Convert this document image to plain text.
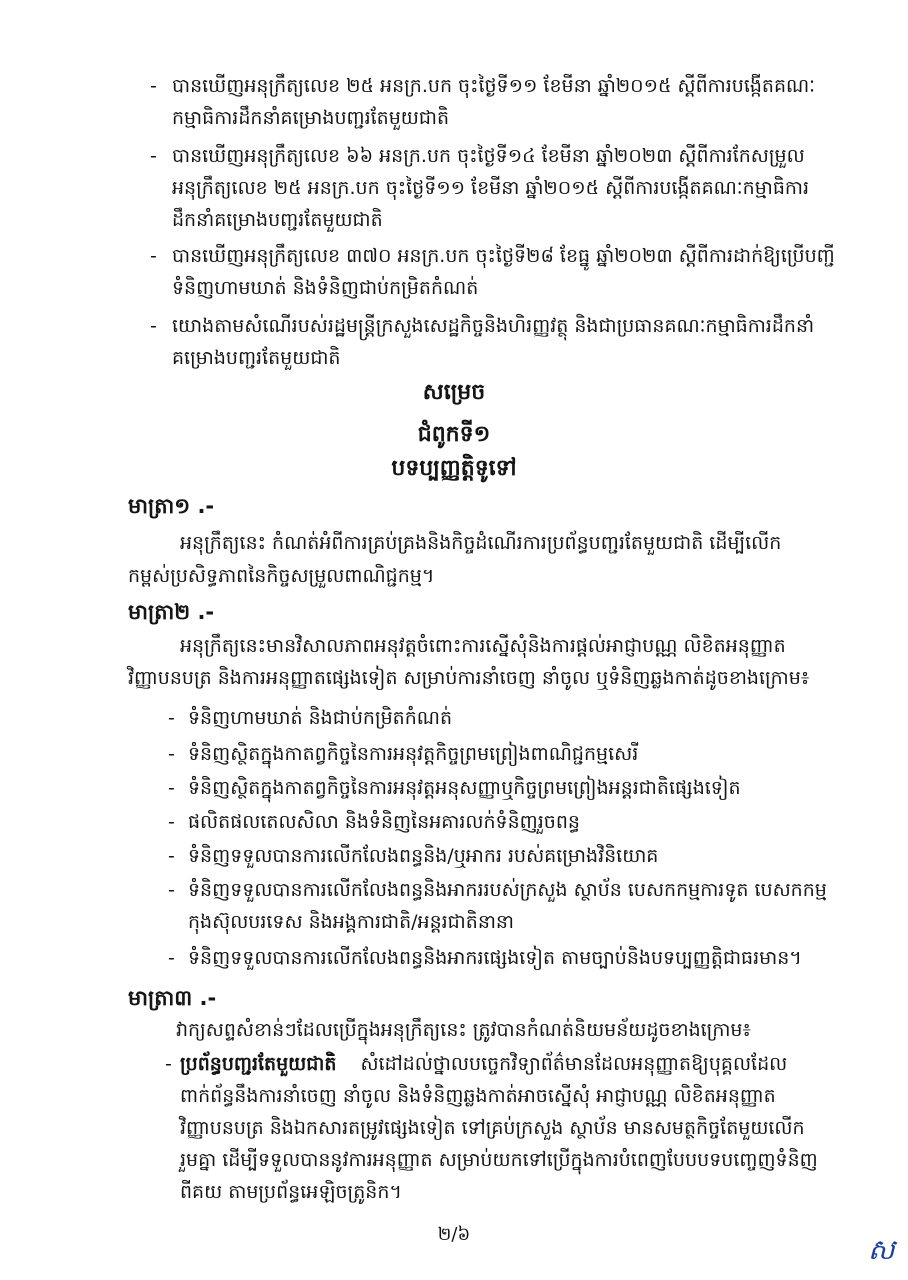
- បានឃើញអនុក្រឹត្យលេខ ២៥ អនក្រ.បក ចុះថ្ងៃទី១១ ខែមីនា ឆ្នាំ២០១៥ ស្តីពីការបង្កើតគណៈ
កម្មាធិការដឹកនាំគម្រោងបញ្ជរតែមួយជាតិ
- បានឃើញអនុក្រឹត្យលេខ ៦៦ អនក្រ.បក ចុះថ្ងៃទី១៤ ខែមីនា ឆ្នាំ២០២៣ ស្តីពីការកែសម្រួល
អនុក្រឹត្យលេខ ២៥ អនក្រ.បក ចុះថ្ងៃទី១១ ខែមីនា ឆ្នាំ២០១៥ ស្តីពីការបង្កើតគណៈកម្មាធិការ
ដឹកនាំគម្រោងបញ្ជរតែមួយជាតិ
- បានឃើញអនុក្រឹត្យលេខ ៣៧០ អនក្រ.បក ចុះថ្ងៃទី២៨ ខែធ្នូ ឆ្នាំ២០២៣ ស្តីពីការដាក់ឱ្យប្រើបញ្ជី
ទំនិញហាមឃាត់ និងទំនិញជាប់កម្រិតកំណត់
- យោងតាមសំណើរបស់រដ្ឋមន្ត្រីក្រសួងសេដ្ឋកិច្ចនិងហិរញ្ញវត្ថុ និងជាប្រធានគណៈកម្មាធិការដឹកនាំ
គម្រោងបញ្ជរតែមួយជាតិ
សម្រេច
ជំពូកទី១
បទប្បញ្ញត្តិទូទៅ
មាត្រា១ .-
អនុក្រឹត្យនេះ កំណត់អំពីការគ្រប់គ្រងនិងកិច្ចដំណើរការប្រព័ន្ធបញ្ជរតែមួយជាតិ ដើម្បីលើក
កម្ពស់ប្រសិទ្ធភាពនៃកិច្ចសម្រួលពាណិជ្ជកម្ម។
មាត្រា២ .-
អនុក្រឹត្យនេះមានវិសាលភាពអនុវត្តចំពោះការស្នើសុំនិងការផ្តល់អាជ្ញាបណ្ណ លិខិតអនុញ្ញាត
វិញ្ញាបនបត្រ និងការអនុញ្ញាតផ្សេងទៀត សម្រាប់ការនាំចេញ នាំចូល ឬទំនិញឆ្លងកាត់ដូចខាងក្រោម៖
- ទំនិញហាមឃាត់ និងជាប់កម្រិតកំណត់
- ទំនិញស្ថិតក្នុងកាតព្វកិច្ចនៃការអនុវត្តកិច្ចព្រមព្រៀងពាណិជ្ជកម្មសេរី
- ទំនិញស្ថិតក្នុងកាតព្វកិច្ចនៃការអនុវត្តអនុសញ្ញាឬកិច្ចព្រមព្រៀងអន្តរជាតិផ្សេងទៀត
- ផលិតផលតេលសិលា និងទំនិញនៃអគារលក់ទំនិញរួចពន្ធ
- ទំនិញទទួលបានការលើកលែងពន្ធនិង/ឬអាករ របស់គម្រោងវិនិយោគ
- ទំនិញទទួលបានការលើកលែងពន្ធនិងអាកររបស់ក្រសួង ស្ថាប័ន បេសកកម្មការទូត បេសកកម្ម
កុងស៊ុលបរទេស និងអង្គការជាតិ/អន្តរជាតិនានា
- ទំនិញទទួលបានការលើកលែងពន្ធនិងអាករផ្សេងទៀត តាមច្បាប់និងបទប្បញ្ញត្តិជាធរមាន។
មាត្រា៣ .-
វាក្យសព្ទសំខាន់ៗដែលប្រើក្នុងអនុក្រឹត្យនេះ ត្រូវបានកំណត់និយមន័យដូចខាងក្រោម៖
- ប្រព័ន្ធបញ្ជរតែមួយជាតិ សំដៅដល់ថ្នាលបច្ចេកវិទ្យាព័ត៌មានដែលអនុញ្ញាតឱ្យបុគ្គលដែល
ពាក់ព័ន្ធនឹងការនាំចេញ នាំចូល និងទំនិញឆ្លងកាត់អាចស្នើសុំ អាជ្ញាបណ្ណ លិខិតអនុញ្ញាត
វិញ្ញាបនបត្រ និងឯកសារតម្រូវផ្សេងទៀត ទៅគ្រប់ក្រសួង ស្ថាប័ន មានសមត្ថកិច្ចតែមួយលើក
រួមគ្នា ដើម្បីទទួលបាននូវការអនុញ្ញាត សម្រាប់យកទៅប្រើក្នុងការបំពេញបែបបទបញ្ចេញទំនិញ
ពីគយ តាមប្រព័ន្ធអេឡិចត្រូនិក។
២/៦	ស
